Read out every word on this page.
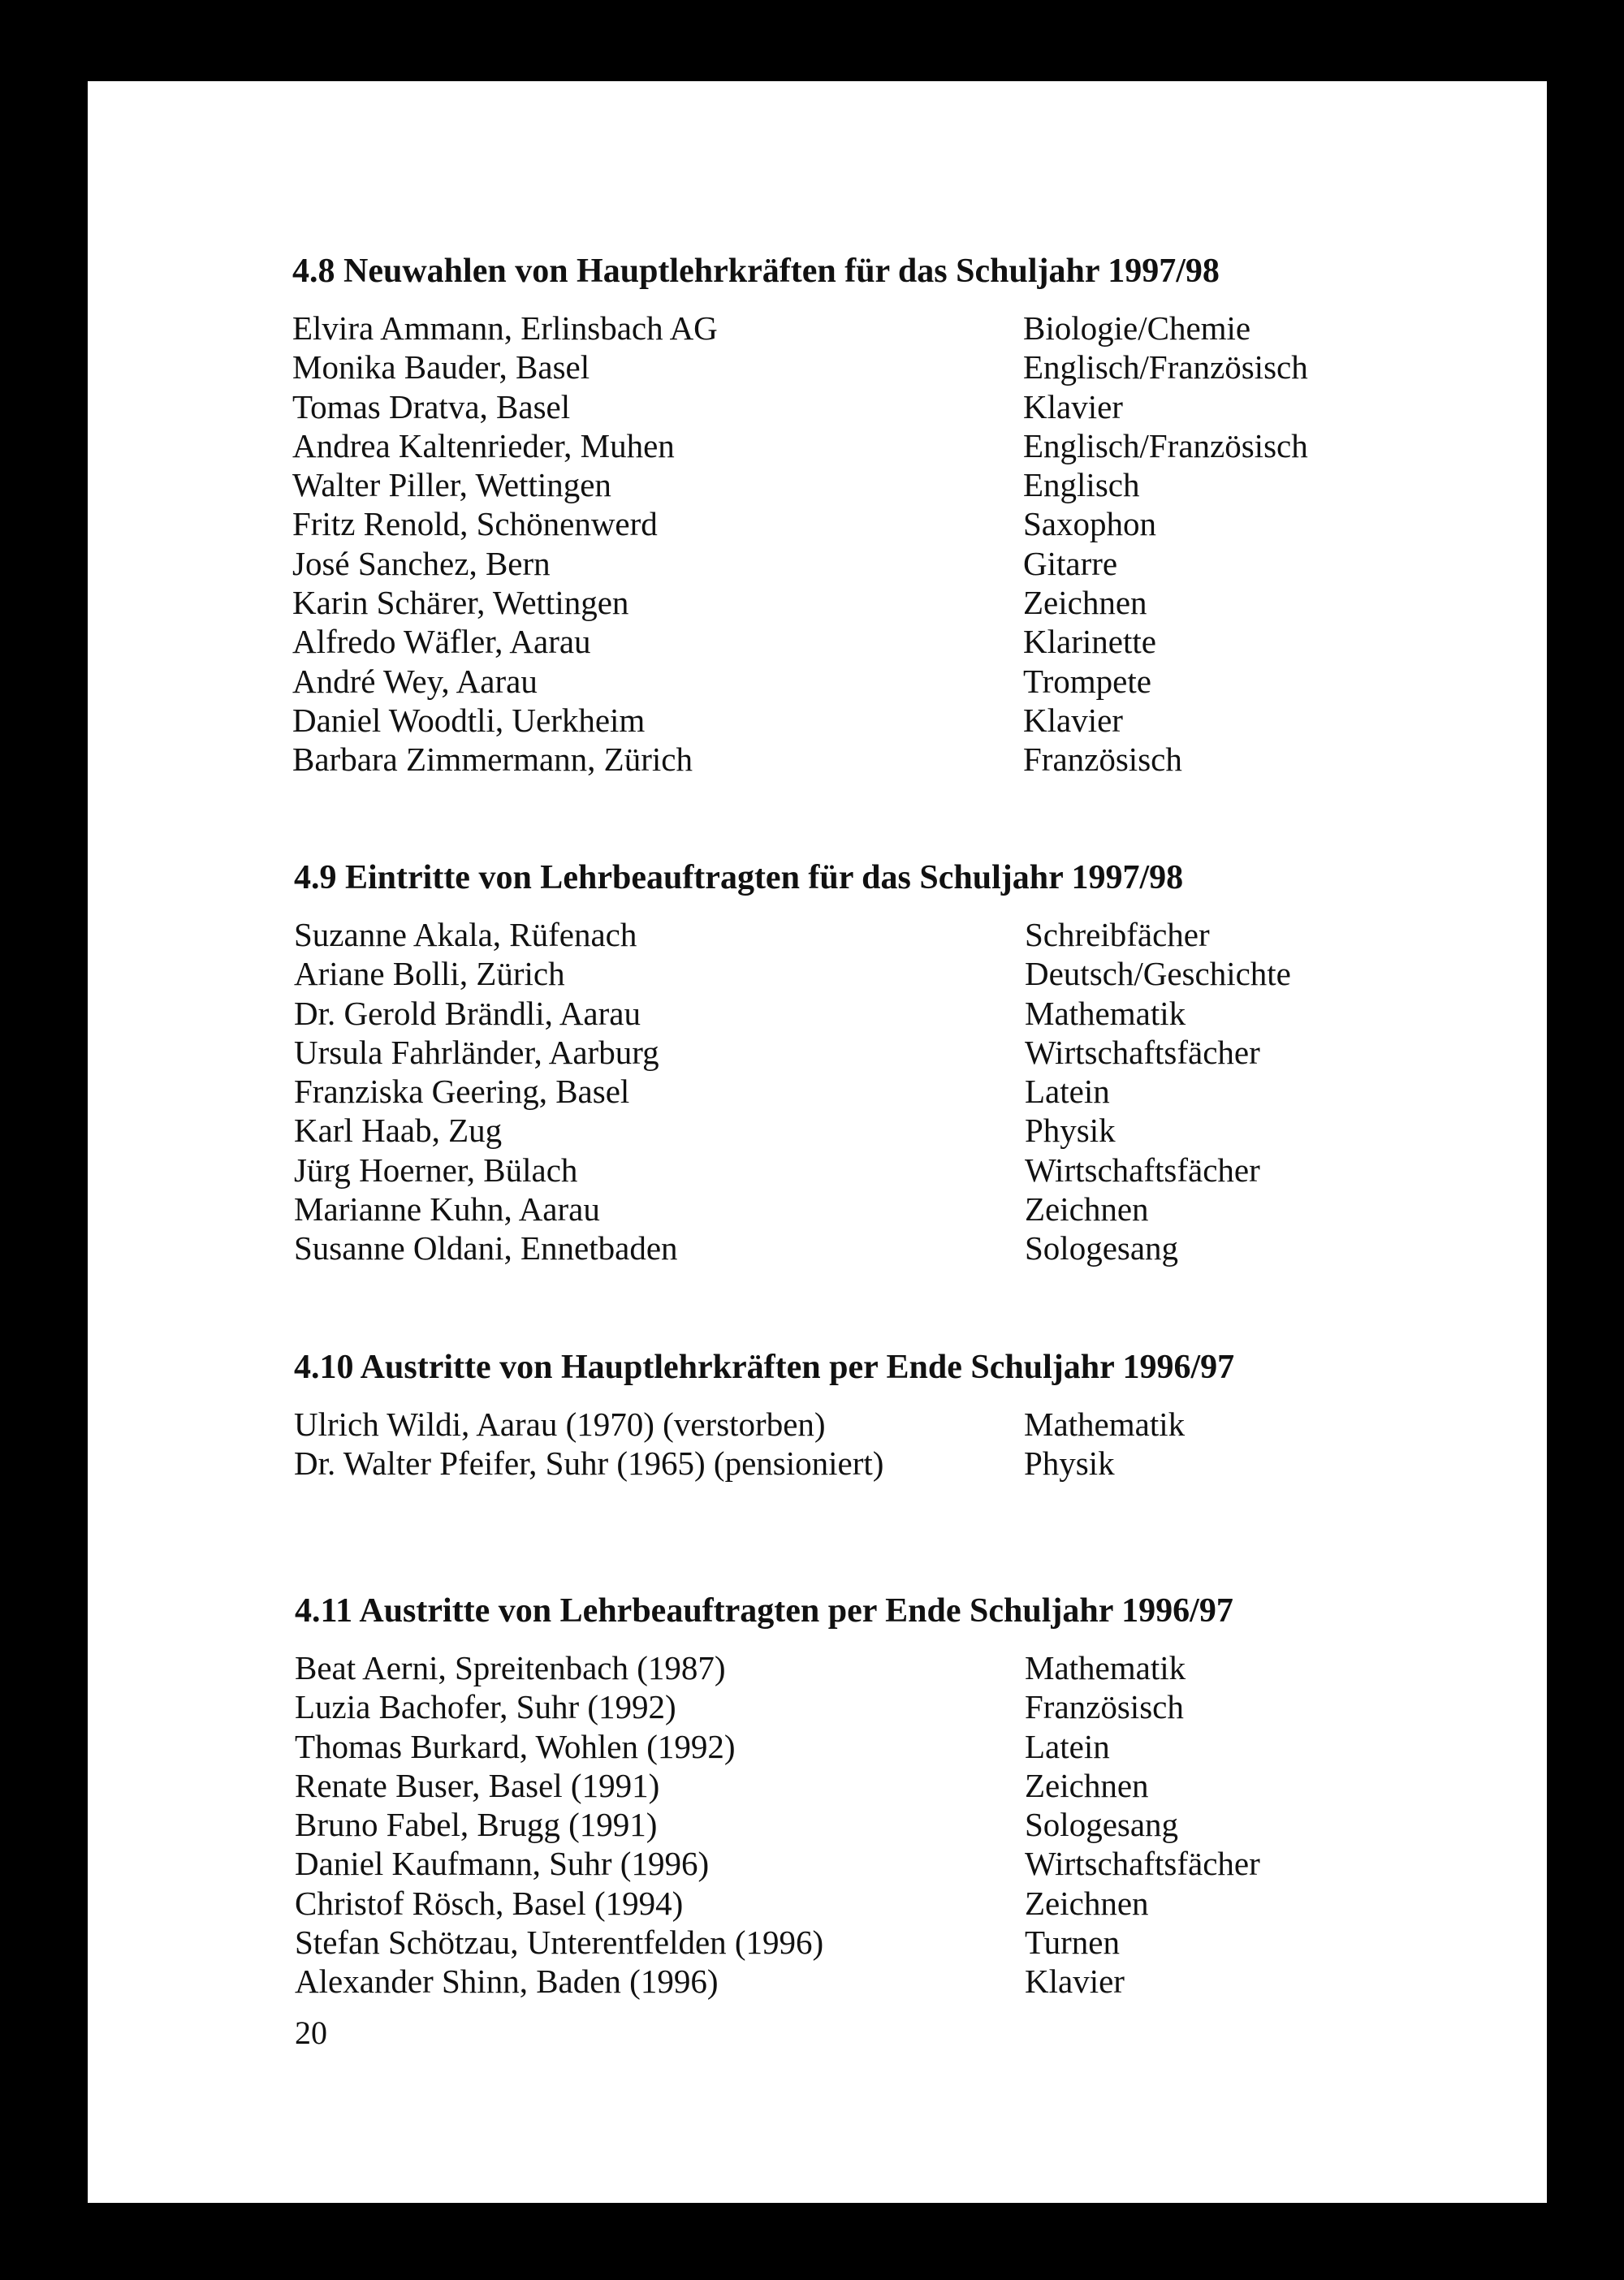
4.8 Neuwahlen von Hauptlehrkräften für das Schuljahr 1997/98
Elvira Ammann, Erlinsbach AG	Biologie/Chemie
Monika Bauder, Basel	Englisch/Französisch
Tomas Dratva, Basel	Klavier
Andrea Kaltenrieder, Muhen	Englisch/Französisch
Walter Piller, Wettingen	Englisch
Fritz Renold, Schönenwerd	Saxophon
José Sanchez, Bern	Gitarre
Karin Schärer, Wettingen	Zeichnen
Alfredo Wäfler, Aarau	Klarinette
André Wey, Aarau	Trompete
Daniel Woodtli, Uerkheim	Klavier
Barbara Zimmermann, Zürich	Französisch
4.9 Eintritte von Lehrbeauftragten für das Schuljahr 1997/98
Suzanne Akala, Rüfenach	Schreibfächer
Ariane Bolli, Zürich	Deutsch/Geschichte
Dr. Gerold Brändli, Aarau	Mathematik
Ursula Fahrländer, Aarburg	Wirtschaftsfächer
Franziska Geering, Basel	Latein
Karl Haab, Zug	Physik
Jürg Hoerner, Bülach	Wirtschaftsfächer
Marianne Kuhn, Aarau	Zeichnen
Susanne Oldani, Ennetbaden	Sologesang
4.10 Austritte von Hauptlehrkräften per Ende Schuljahr 1996/97
Ulrich Wildi, Aarau (1970) (verstorben)	Mathematik
Dr. Walter Pfeifer, Suhr (1965) (pensioniert)	Physik
4.11 Austritte von Lehrbeauftragten per Ende Schuljahr 1996/97
Beat Aerni, Spreitenbach (1987)	Mathematik
Luzia Bachofer, Suhr (1992)	Französisch
Thomas Burkard, Wohlen (1992)	Latein
Renate Buser, Basel (1991)	Zeichnen
Bruno Fabel, Brugg (1991)	Sologesang
Daniel Kaufmann, Suhr (1996)	Wirtschaftsfächer
Christof Rösch, Basel (1994)	Zeichnen
Stefan Schötzau, Unterentfelden (1996)	Turnen
Alexander Shinn, Baden (1996)	Klavier
20
